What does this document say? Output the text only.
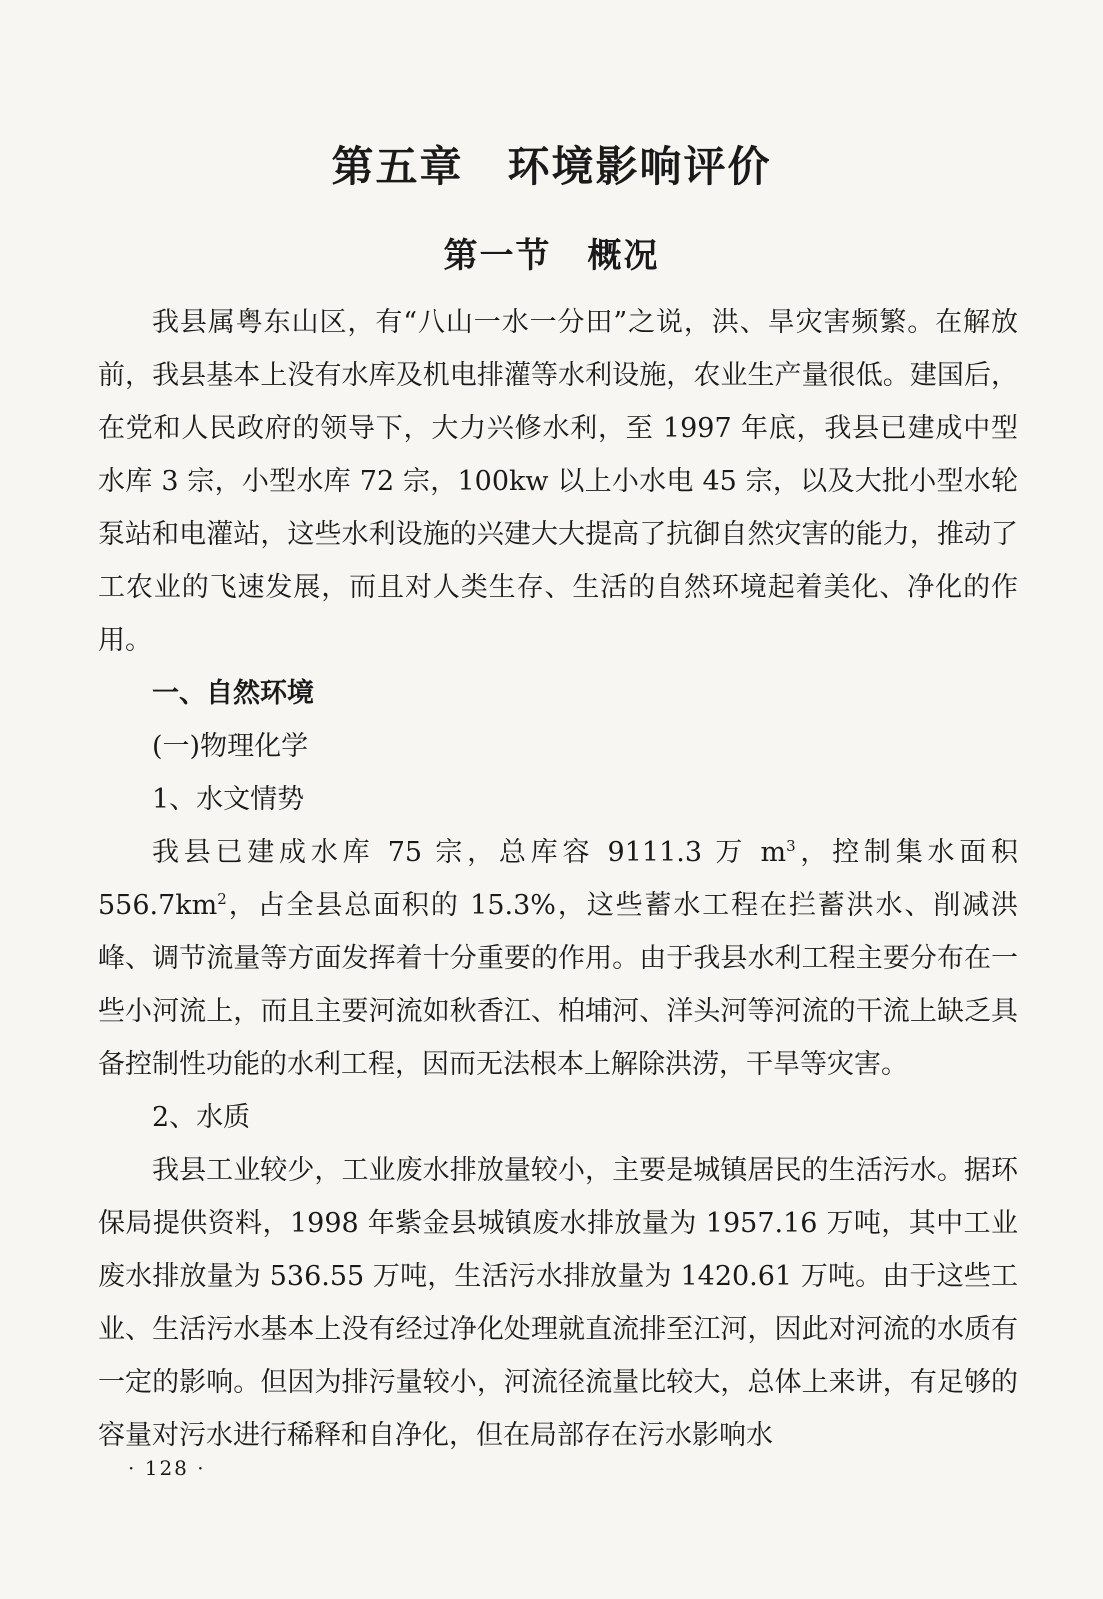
第五章　环境影响评价
第一节　概况

我县属粤东山区，有“八山一水一分田”之说，洪、旱灾害频繁。在解放前，我县基本上没有水库及机电排灌等水利设施，农业生产量很低。建国后，在党和人民政府的领导下，大力兴修水利，至 1997 年底，我县已建成中型水库 3 宗，小型水库 72 宗，100kw 以上小水电 45 宗，以及大批小型水轮泵站和电灌站，这些水利设施的兴建大大提高了抗御自然灾害的能力，推动了工农业的飞速发展，而且对人类生存、生活的自然环境起着美化、净化的作用。

一、自然环境

(一)物理化学

1、水文情势

我县已建成水库 75 宗，总库容 9111.3 万 $m^3$，控制集水面积 $556.7km^2$，占全县总面积的 15.3%，这些蓄水工程在拦蓄洪水、削减洪峰、调节流量等方面发挥着十分重要的作用。由于我县水利工程主要分布在一些小河流上，而且主要河流如秋香江、柏埔河、洋头河等河流的干流上缺乏具备控制性功能的水利工程，因而无法根本上解除洪涝，干旱等灾害。

2、水质

我县工业较少，工业废水排放量较小，主要是城镇居民的生活污水。据环保局提供资料，1998 年紫金县城镇废水排放量为 1957.16 万吨，其中工业废水排放量为 536.55 万吨，生活污水排放量为 1420.61 万吨。由于这些工业、生活污水基本上没有经过净化处理就直流排至江河，因此对河流的水质有一定的影响。但因为排污量较小，河流径流量比较大，总体上来讲，有足够的容量对污水进行稀释和自净化，但在局部存在污水影响水

· 128 ·
